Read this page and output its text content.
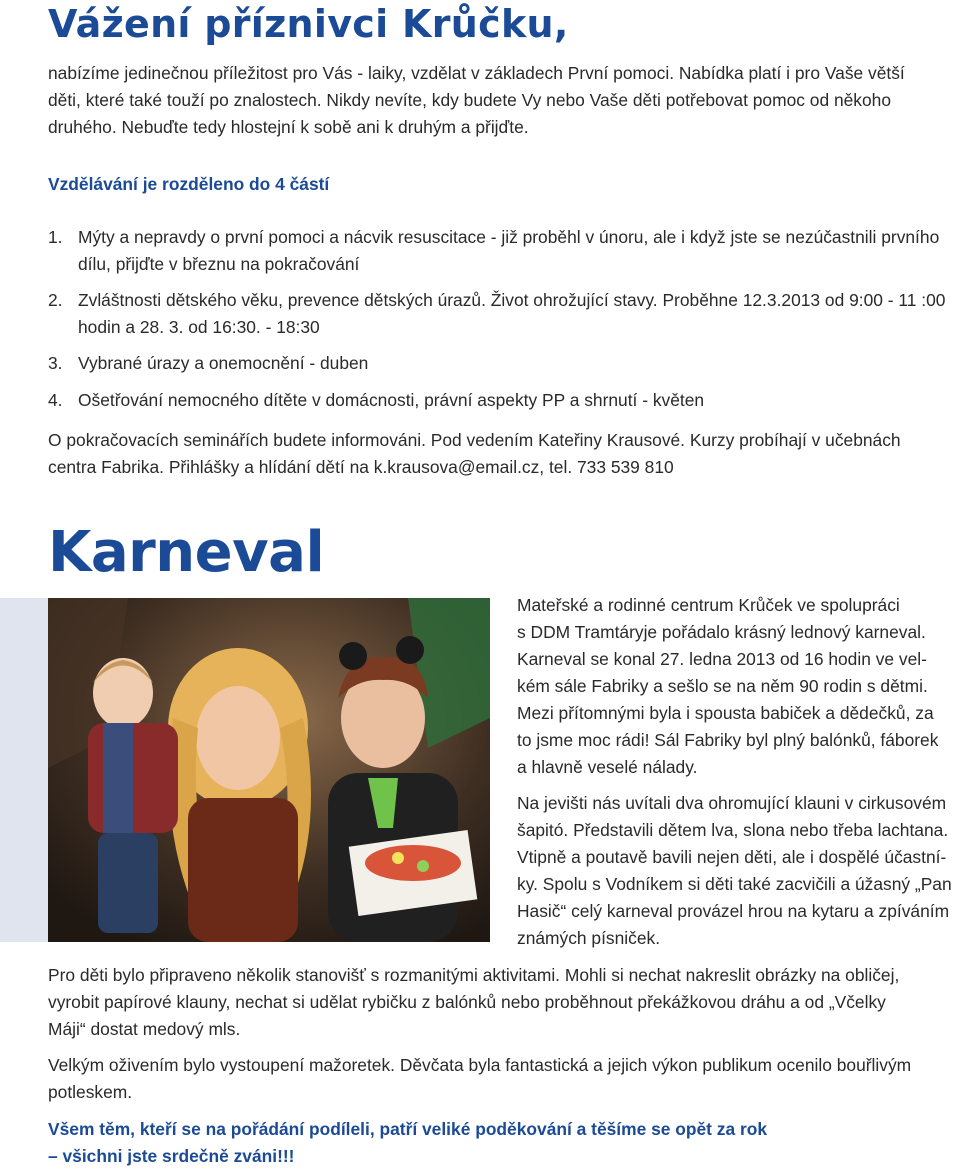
Vážení příznivci Krůčku,
nabízíme jedinečnou příležitost pro Vás - laiky, vzdělat v základech První pomoci. Nabídka platí i pro Vaše větší
děti, které také touží po znalostech. Nikdy nevíte, kdy budete Vy nebo Vaše děti potřebovat pomoc od někoho
druhého. Nebuďte tedy hlostejní k sobě ani k druhým a přijďte.
Vzdělávání je rozděleno do 4 částí
1. Mýty a nepravdy o první pomoci a nácvik resuscitace - již proběhl v únoru, ale i když jste se nezúčastnili prvního
dílu, přijďte v březnu na pokračování
2. Zvláštnosti dětského věku, prevence dětských úrazů. Život ohrožující stavy. Proběhne 12.3.2013 od 9:00 - 11 :00
hodin a 28. 3. od 16:30. - 18:30
3. Vybrané úrazy a onemocnění - duben
4. Ošetřování nemocného dítěte v domácnosti, právní aspekty PP a shrnutí - květen
O pokračovacích seminářích budete informováni. Pod vedením Kateřiny Krausové. Kurzy probíhají v učebnách
centra Fabrika. Přihlášky a hlídání dětí na k.krausova@email.cz, tel. 733 539 810
Karneval
Mateřské a rodinné centrum Krůček ve spolupráci
s DDM Tramtáryje pořádalo krásný lednový karneval.
Karneval se konal 27. ledna 2013 od 16 hodin ve vel-
kém sále Fabriky a sešlo se na něm 90 rodin s dětmi.
Mezi přítomnými byla i spousta babiček a dědečků, za
to jsme moc rádi! Sál Fabriky byl plný balónků, fáborek
a hlavně veselé nálady.
Na jevišti nás uvítali dva ohromující klauni v cirkusovém
šapitó. Představili dětem lva, slona nebo třeba lachtana.
Vtipně a poutavě bavili nejen děti, ale i dospělé účastní-
ky. Spolu s Vodníkem si děti také zacvičili a úžasný „Pan
Hasič“ celý karneval provázel hrou na kytaru a zpíváním
známých písniček.
Pro děti bylo připraveno několik stanovišť s rozmanitými aktivitami. Mohli si nechat nakreslit obrázky na obličej,
vyrobit papírové klauny, nechat si udělat rybičku z balónků nebo proběhnout překážkovou dráhu a od „Včelky
Máji“ dostat medový mls.
Velkým oživením bylo vystoupení mažoretek. Děvčata byla fantastická a jejich výkon publikum ocenilo bouřlivým
potleskem.
Všem těm, kteří se na pořádání podíleli, patří veliké poděkování a těšíme se opět za rok
– všichni jste srdečně zváni!!!
